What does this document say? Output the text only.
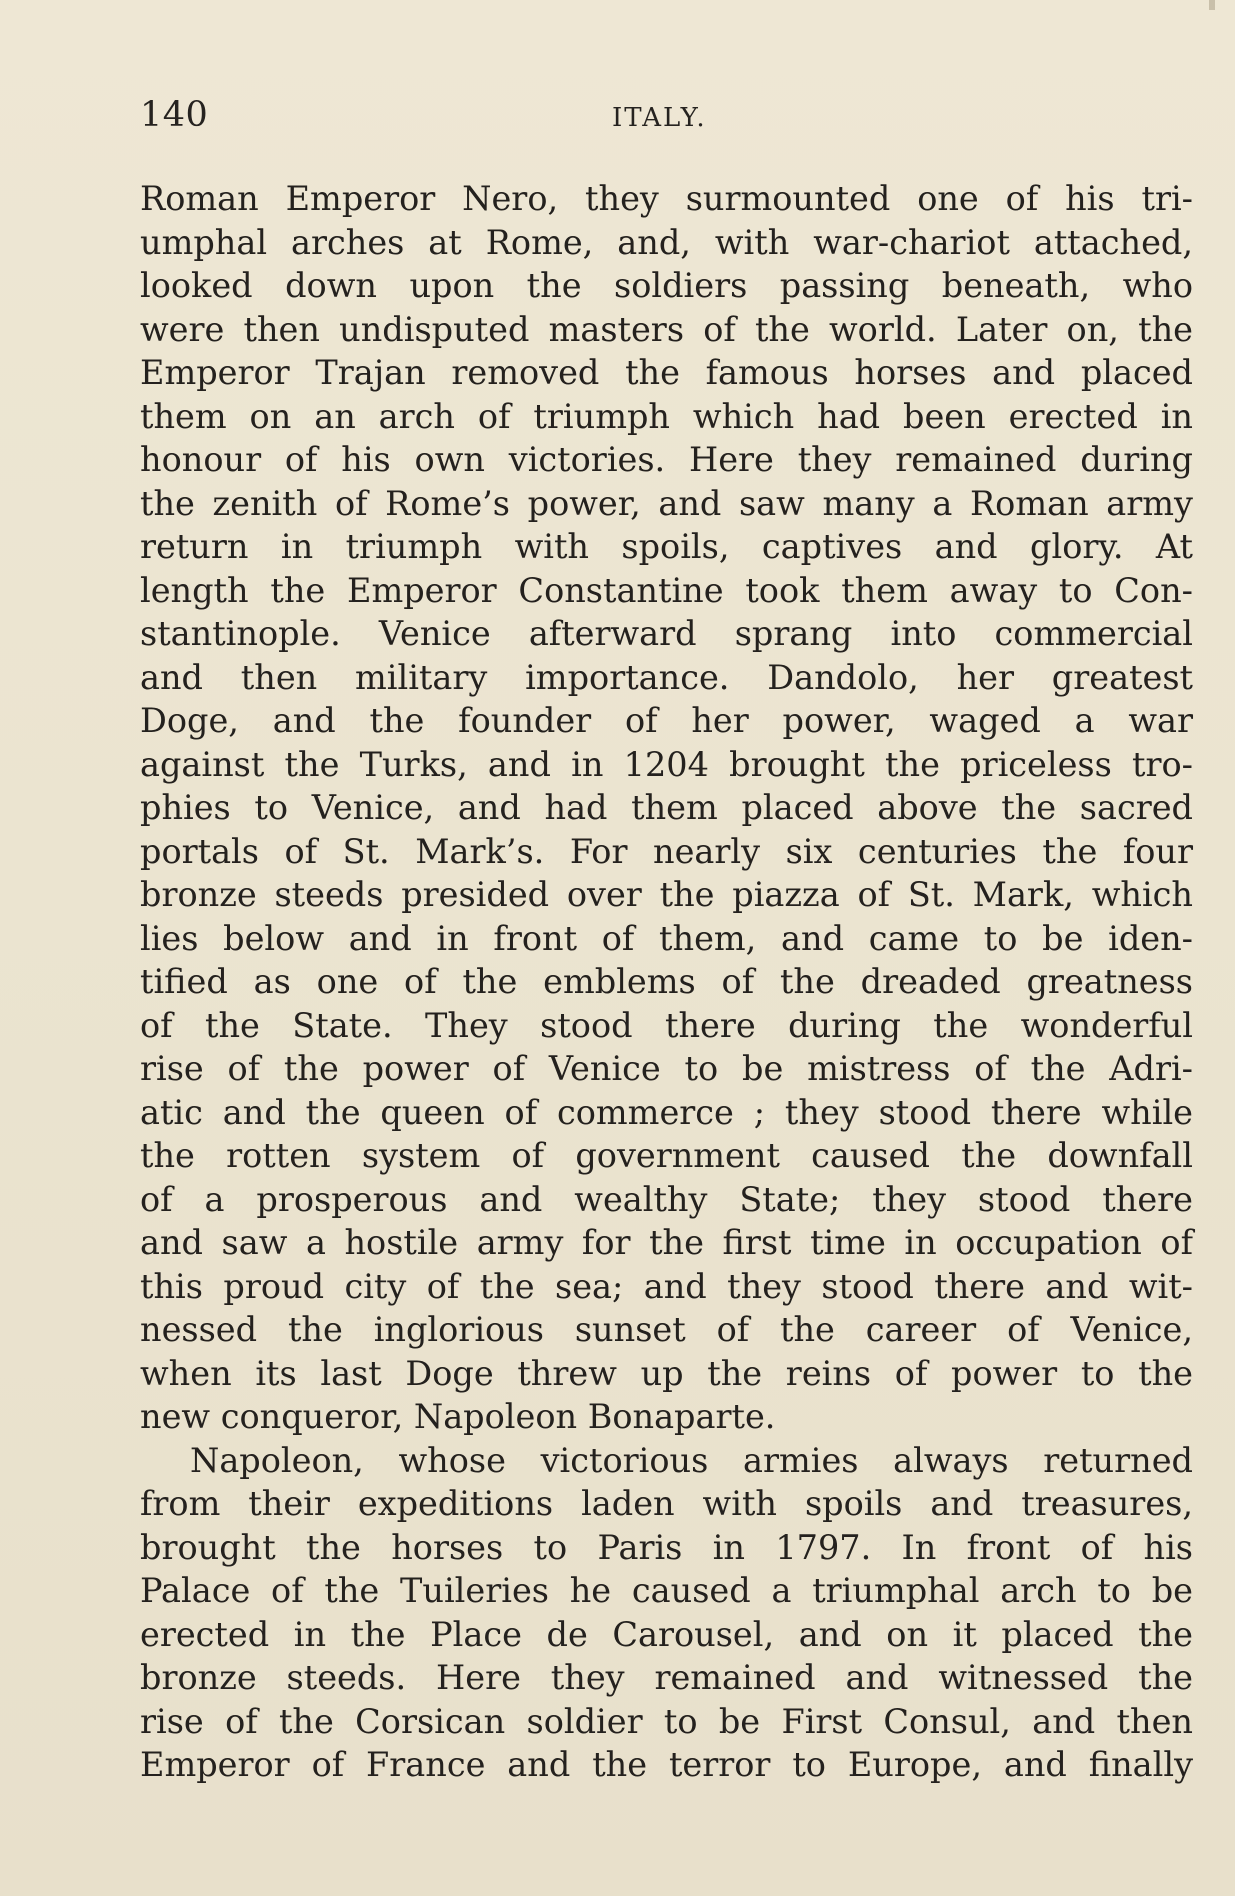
140	ITALY.
Roman Emperor Nero, they surmounted one of his tri-
umphal arches at Rome, and, with war-chariot attached,
looked down upon the soldiers passing beneath, who
were then undisputed masters of the world. Later on, the
Emperor Trajan removed the famous horses and placed
them on an arch of triumph which had been erected in
honour of his own victories. Here they remained during
the zenith of Rome’s power, and saw many a Roman army
return in triumph with spoils, captives and glory. At
length the Emperor Constantine took them away to Con-
stantinople. Venice afterward sprang into commercial
and then military importance. Dandolo, her greatest
Doge, and the founder of her power, waged a war
against the Turks, and in 1204 brought the priceless tro-
phies to Venice, and had them placed above the sacred
portals of St. Mark’s. For nearly six centuries the four
bronze steeds presided over the piazza of St. Mark, which
lies below and in front of them, and came to be iden-
tified as one of the emblems of the dreaded greatness
of the State. They stood there during the wonderful
rise of the power of Venice to be mistress of the Adri-
atic and the queen of commerce ; they stood there while
the rotten system of government caused the downfall
of a prosperous and wealthy State; they stood there
and saw a hostile army for the first time in occupation of
this proud city of the sea; and they stood there and wit-
nessed the inglorious sunset of the career of Venice,
when its last Doge threw up the reins of power to the
new conqueror, Napoleon Bonaparte.
Napoleon, whose victorious armies always returned
from their expeditions laden with spoils and treasures,
brought the horses to Paris in 1797. In front of his
Palace of the Tuileries he caused a triumphal arch to be
erected in the Place de Carousel, and on it placed the
bronze steeds. Here they remained and witnessed the
rise of the Corsican soldier to be First Consul, and then
Emperor of France and the terror to Europe, and finally
